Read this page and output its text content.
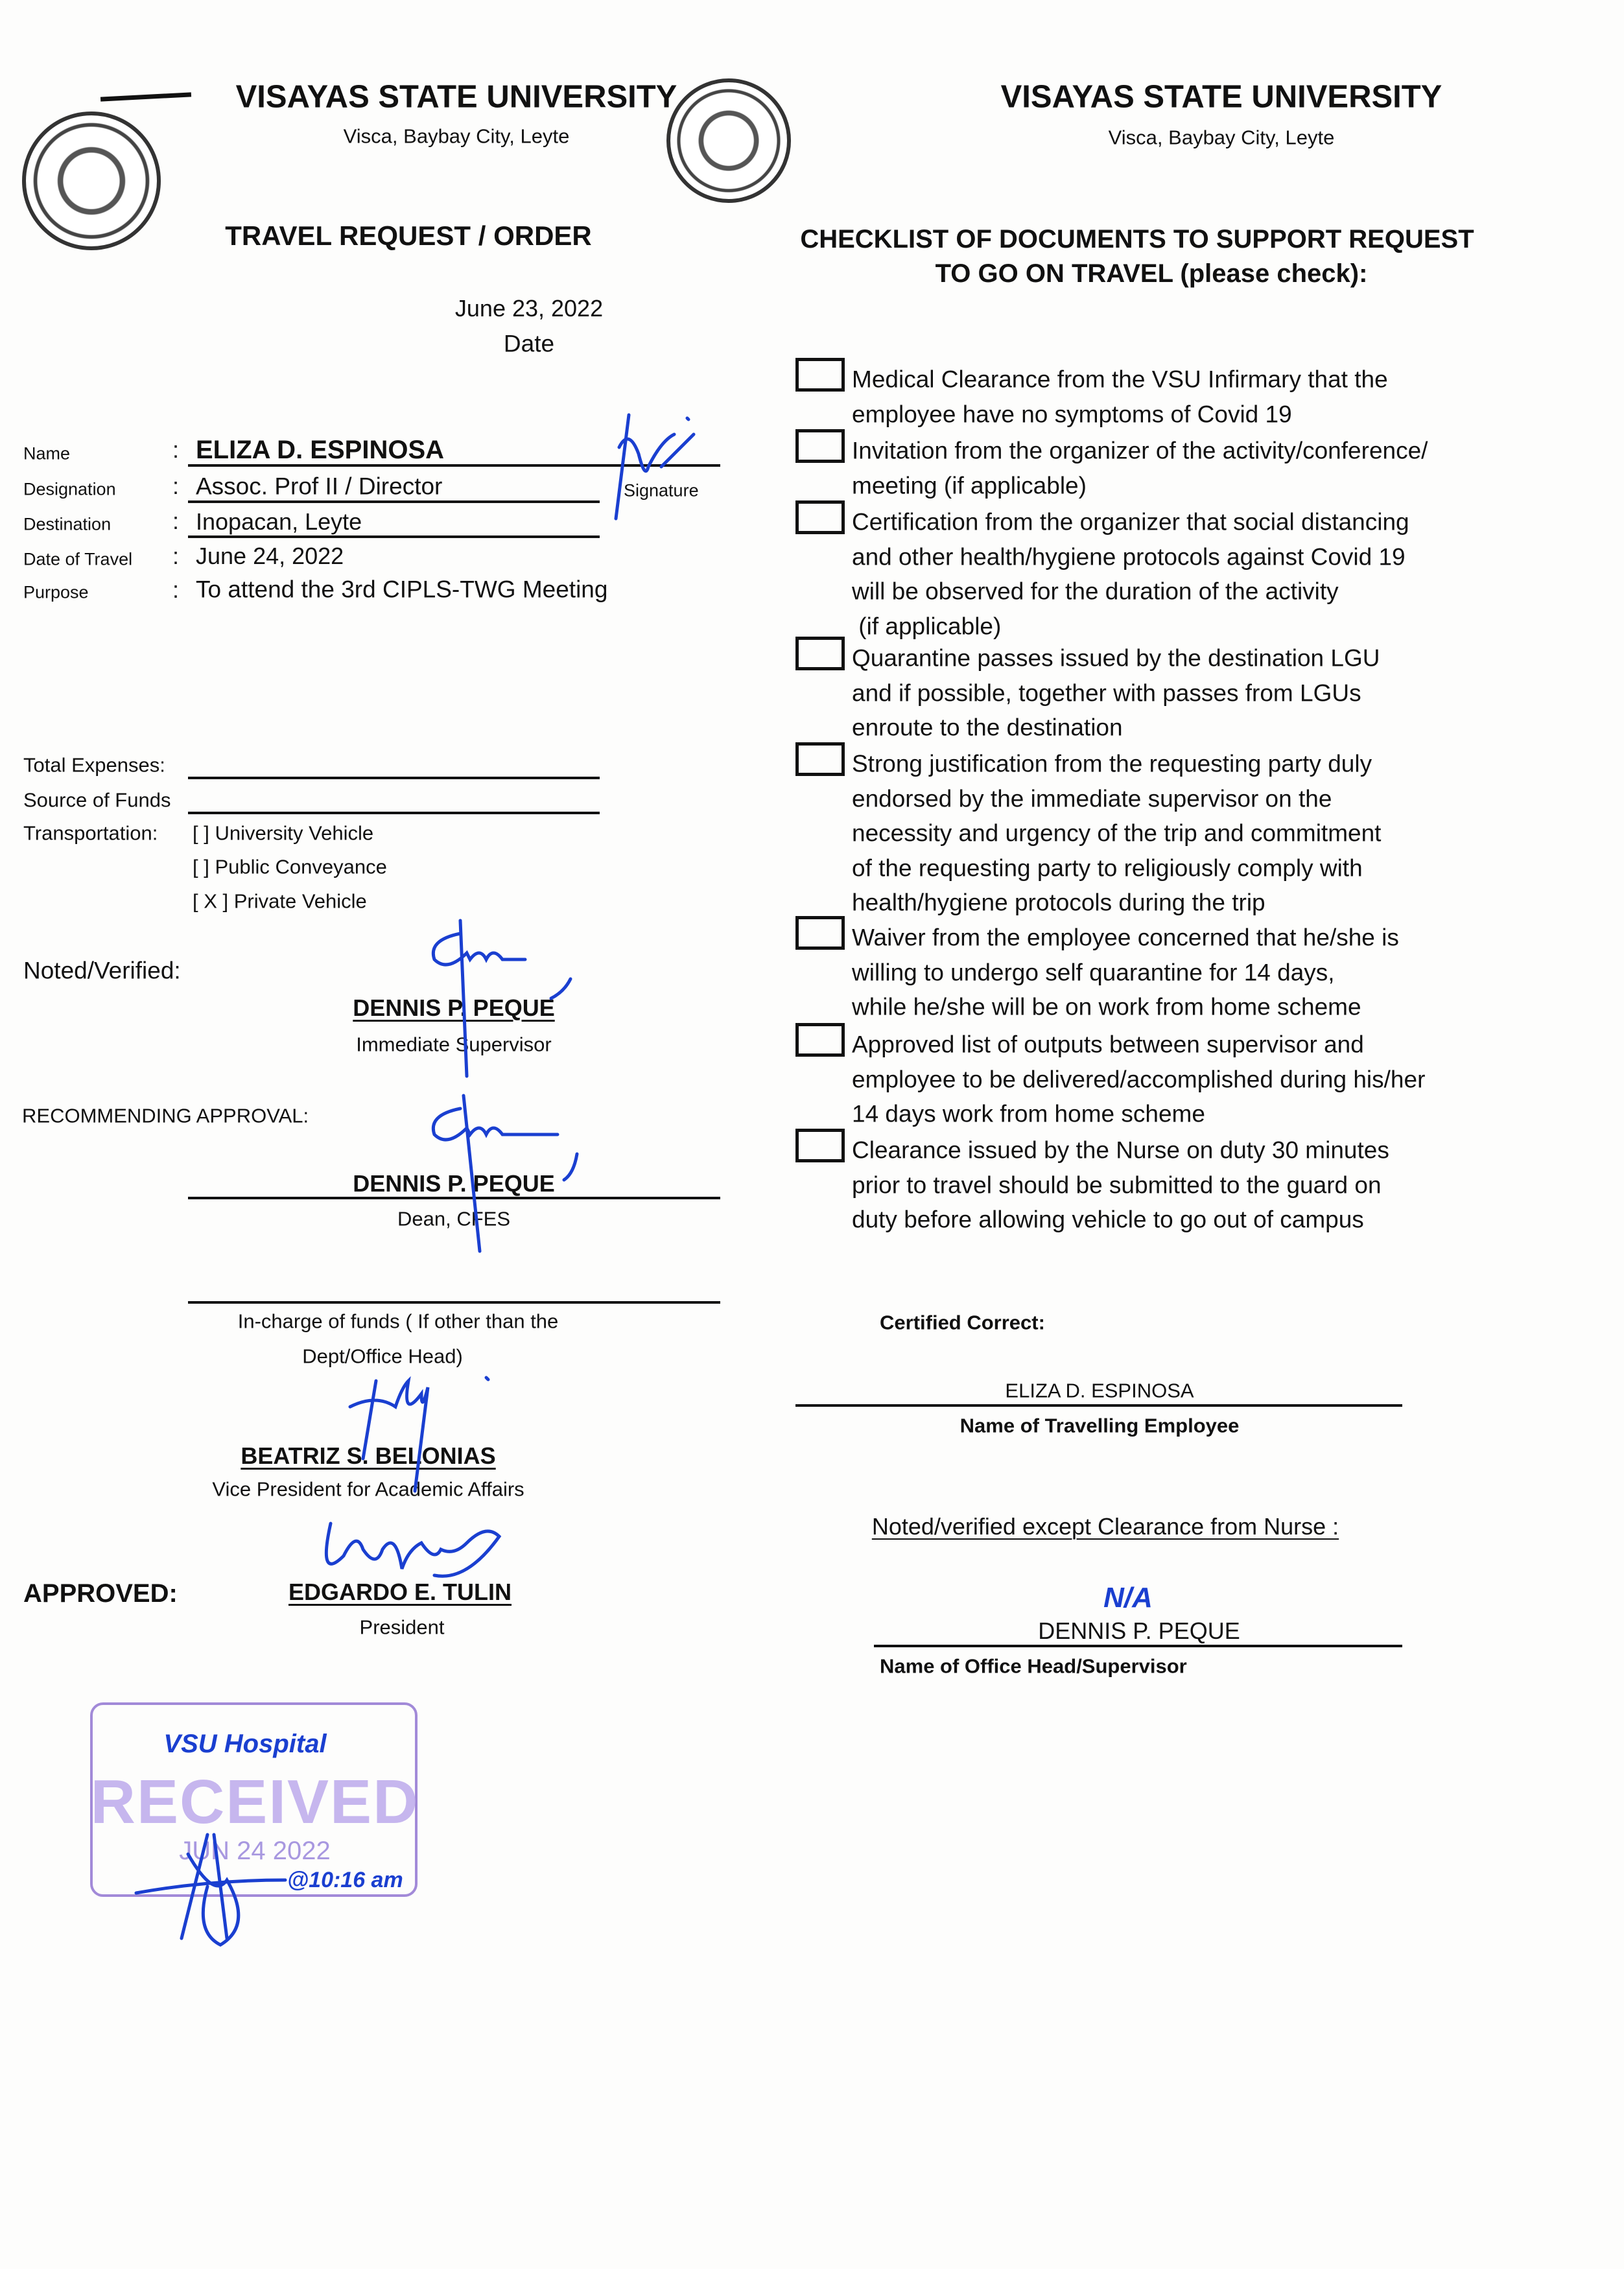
VISAYAS STATE UNIVERSITY
Visca, Baybay City, Leyte
TRAVEL REQUEST / ORDER
June 23, 2022
Date
Name
Designation
Destination
Date of Travel
Purpose
:
:
:
:
:
ELIZA D. ESPINOSA
Assoc. Prof II / Director
Inopacan, Leyte
June 24, 2022
To attend the 3rd CIPLS-TWG Meeting
Signature
Total Expenses:
Source of Funds
Transportation: [ ] University Vehicle
[ ] Public Conveyance
[ X ] Private Vehicle
Noted/Verified:
DENNIS P. PEQUE
Immediate Supervisor
RECOMMENDING APPROVAL:
DENNIS P. PEQUE
Dean, CFES
In-charge of funds ( If other than the
Dept/Office Head)
BEATRIZ S. BELONIAS
Vice President for Academic Affairs
APPROVED:	EDGARDO E. TULIN
President
RECEIVED
JUN 24 2022
VSU Hospital
@10:16 am
VISAYAS STATE UNIVERSITY
Visca, Baybay City, Leyte
CHECKLIST OF DOCUMENTS TO SUPPORT REQUEST
TO GO ON TRAVEL (please check):
Medical Clearance from the VSU Infirmary that the
employee have no symptoms of Covid 19
Invitation from the organizer of the activity/conference/
meeting (if applicable)
Certification from the organizer that social distancing
and other health/hygiene protocols against Covid 19
will be observed for the duration of the activity
(if applicable)
Quarantine passes issued by the destination LGU
and if possible, together with passes from LGUs
enroute to the destination
Strong justification from the requesting party duly
endorsed by the immediate supervisor on the
necessity and urgency of the trip and commitment
of the requesting party to religiously comply with
health/hygiene protocols during the trip
Waiver from the employee concerned that he/she is
willing to undergo self quarantine for 14 days,
while he/she will be on work from home scheme
Approved list of outputs between supervisor and
employee to be delivered/accomplished during his/her
14 days work from home scheme
Clearance issued by the Nurse on duty 30 minutes
prior to travel should be submitted to the guard on
duty before allowing vehicle to go out of campus
Certified Correct:
ELIZA D. ESPINOSA
Name of Travelling Employee
Noted/verified except Clearance from Nurse :
N/A
DENNIS P. PEQUE
Name of Office Head/Supervisor
